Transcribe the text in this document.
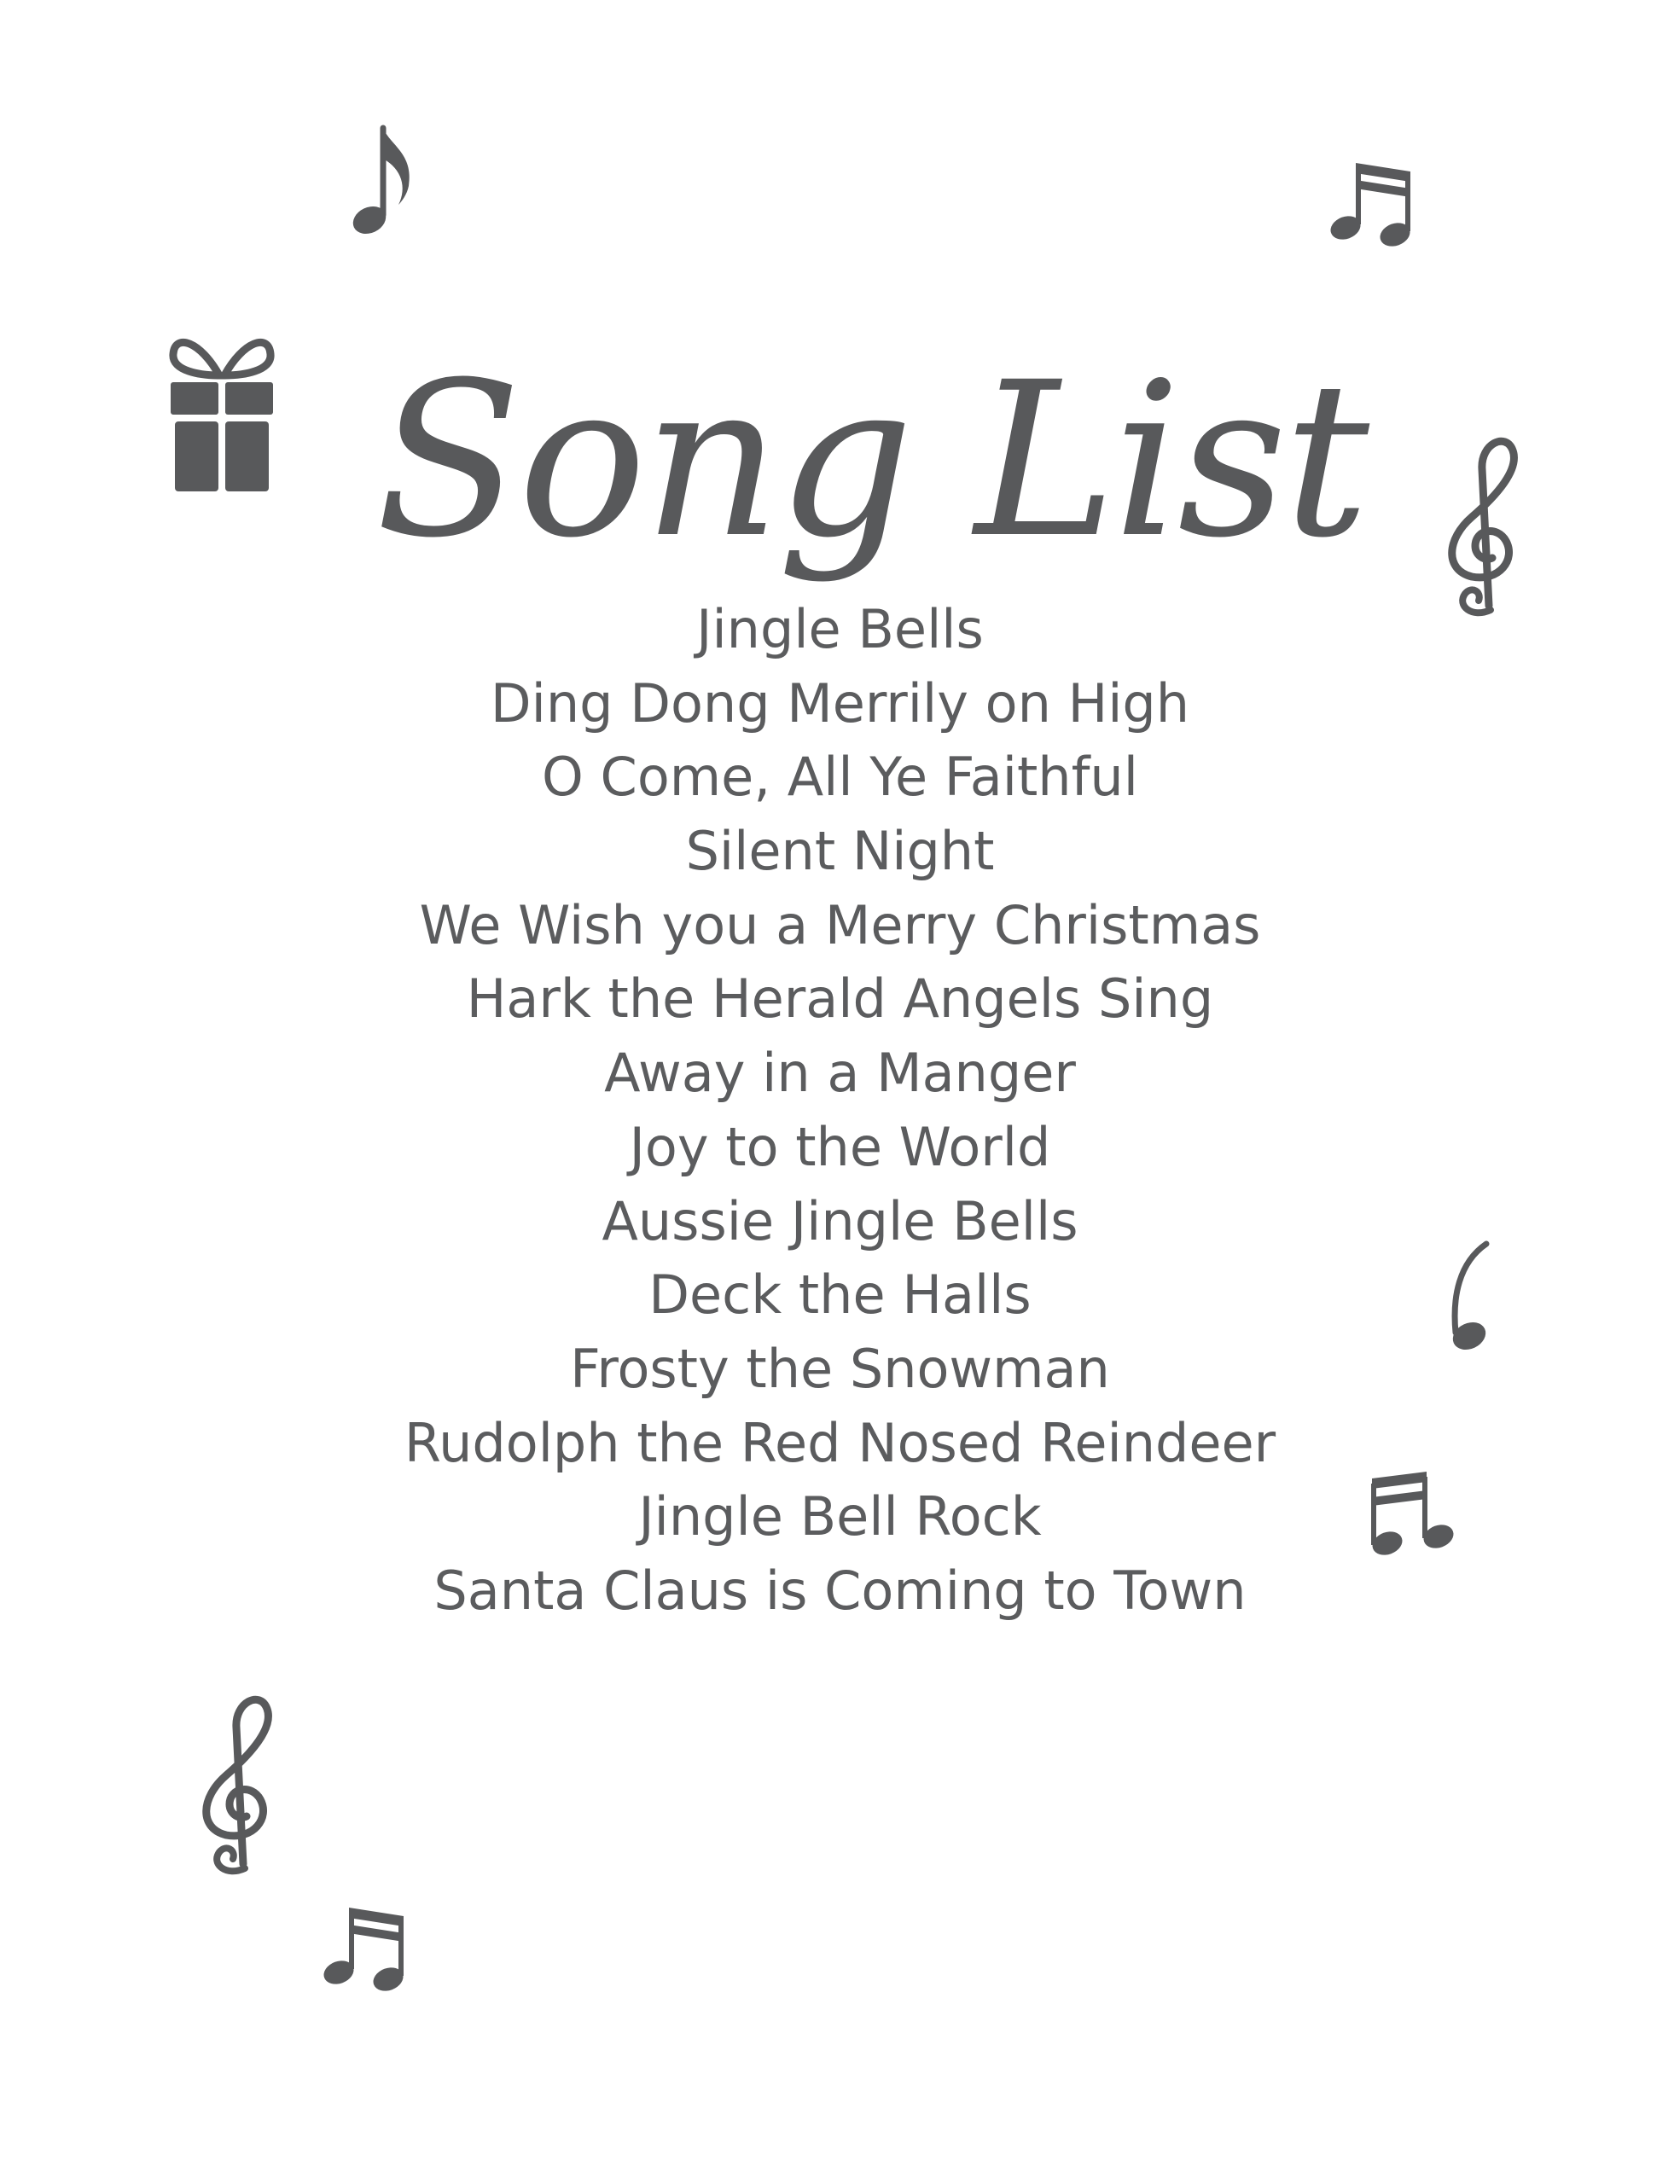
Song List
Jingle Bells
Ding Dong Merrily on High
O Come, All Ye Faithful
Silent Night
We Wish you a Merry Christmas
Hark the Herald Angels Sing
Away in a Manger
Joy to the World
Aussie Jingle Bells
Deck the Halls
Frosty the Snowman
Rudolph the Red Nosed Reindeer
Jingle Bell Rock
Santa Claus is Coming to Town
